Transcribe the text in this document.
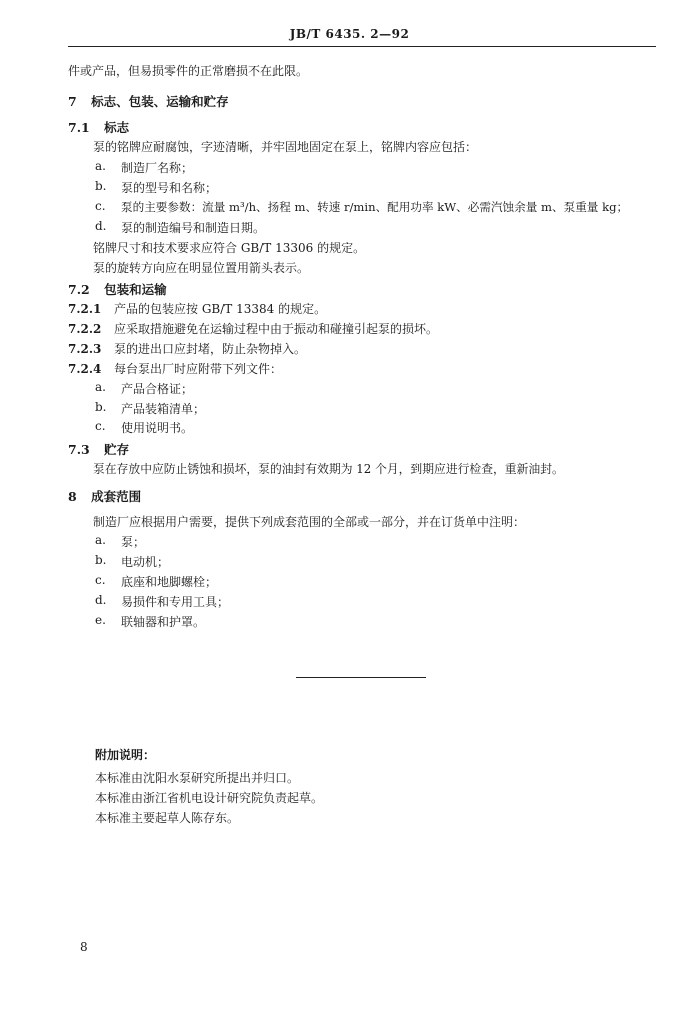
JB/T 6435. 2—92
件或产品，但易损零件的正常磨损不在此限。
7 标志、包装、运输和贮存
7.1 标志
泵的铭牌应耐腐蚀，字迹清晰，并牢固地固定在泵上，铭牌内容应包括：
a. 制造厂名称；
b. 泵的型号和名称；
c. 泵的主要参数：流量 m³/h、扬程 m、转速 r/min、配用功率 kW、必需汽蚀余量 m、泵重量 kg；
d. 泵的制造编号和制造日期。
铭牌尺寸和技术要求应符合 GB/T 13306 的规定。
泵的旋转方向应在明显位置用箭头表示。
7.2 包装和运输
7.2.1 产品的包装应按 GB/T 13384 的规定。
7.2.2 应采取措施避免在运输过程中由于振动和碰撞引起泵的损坏。
7.2.3 泵的进出口应封堵，防止杂物掉入。
7.2.4 每台泵出厂时应附带下列文件：
a. 产品合格证；
b. 产品装箱清单；
c. 使用说明书。
7.3 贮存
泵在存放中应防止锈蚀和损坏，泵的油封有效期为 12 个月，到期应进行检查，重新油封。
8 成套范围
制造厂应根据用户需要，提供下列成套范围的全部或一部分，并在订货单中注明：
a. 泵；
b. 电动机；
c. 底座和地脚螺栓；
d. 易损件和专用工具；
e. 联轴器和护罩。
附加说明：
本标准由沈阳水泵研究所提出并归口。
本标准由浙江省机电设计研究院负责起草。
本标准主要起草人陈存东。
8
